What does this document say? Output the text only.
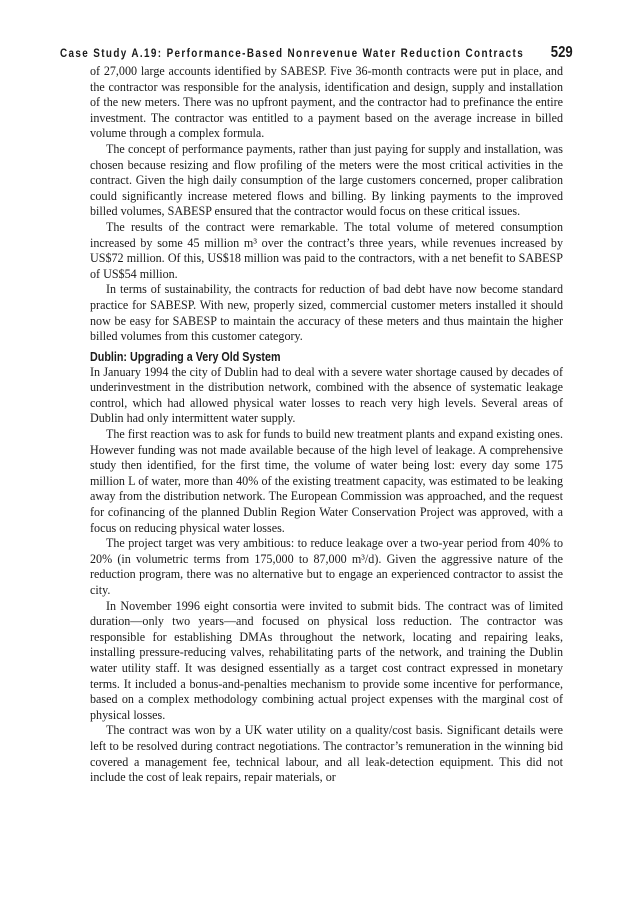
Case Study A.19: Performance-Based Nonrevenue Water Reduction Contracts 529

of 27,000 large accounts identified by SABESP. Five 36-month contracts were put in place, and the contractor was responsible for the analysis, identification and design, supply and installation of the new meters. There was no upfront payment, and the contractor had to prefinance the entire investment. The contractor was entitled to a payment based on the average increase in billed volume through a complex formula.

The concept of performance payments, rather than just paying for supply and installation, was chosen because resizing and flow profiling of the meters were the most critical activities in the contract. Given the high daily consumption of the large customers concerned, proper calibration could significantly increase metered flows and billing. By linking payments to the improved billed volumes, SABESP ensured that the contractor would focus on these critical issues.

The results of the contract were remarkable. The total volume of metered consumption increased by some 45 million m³ over the contract’s three years, while revenues increased by US$72 million. Of this, US$18 million was paid to the contractors, with a net benefit to SABESP of US$54 million.

In terms of sustainability, the contracts for reduction of bad debt have now become standard practice for SABESP. With new, properly sized, commercial customer meters installed it should now be easy for SABESP to maintain the accuracy of these meters and thus maintain the higher billed volumes from this customer category.

Dublin: Upgrading a Very Old System

In January 1994 the city of Dublin had to deal with a severe water shortage caused by decades of underinvestment in the distribution network, combined with the absence of systematic leakage control, which had allowed physical water losses to reach very high levels. Several areas of Dublin had only intermittent water supply.

The first reaction was to ask for funds to build new treatment plants and expand existing ones. However funding was not made available because of the high level of leakage. A comprehensive study then identified, for the first time, the volume of water being lost: every day some 175 million L of water, more than 40% of the existing treatment capacity, was estimated to be leaking away from the distribution network. The European Commission was approached, and the request for cofinancing of the planned Dublin Region Water Conservation Project was approved, with a focus on reducing physical water losses.

The project target was very ambitious: to reduce leakage over a two-year period from 40% to 20% (in volumetric terms from 175,000 to 87,000 m³/d). Given the aggressive nature of the reduction program, there was no alternative but to engage an experienced contractor to assist the city.

In November 1996 eight consortia were invited to submit bids. The contract was of limited duration—only two years—and focused on physical loss reduction. The contractor was responsible for establishing DMAs throughout the network, locating and repairing leaks, installing pressure-reducing valves, rehabilitating parts of the network, and training the Dublin water utility staff. It was designed essentially as a target cost contract expressed in monetary terms. It included a bonus-and-penalties mechanism to provide some incentive for performance, based on a complex methodology combining actual project expenses with the marginal cost of physical losses.

The contract was won by a UK water utility on a quality/cost basis. Significant details were left to be resolved during contract negotiations. The contractor’s remuneration in the winning bid covered a management fee, technical labour, and all leak-detection equipment. This did not include the cost of leak repairs, repair materials, or
